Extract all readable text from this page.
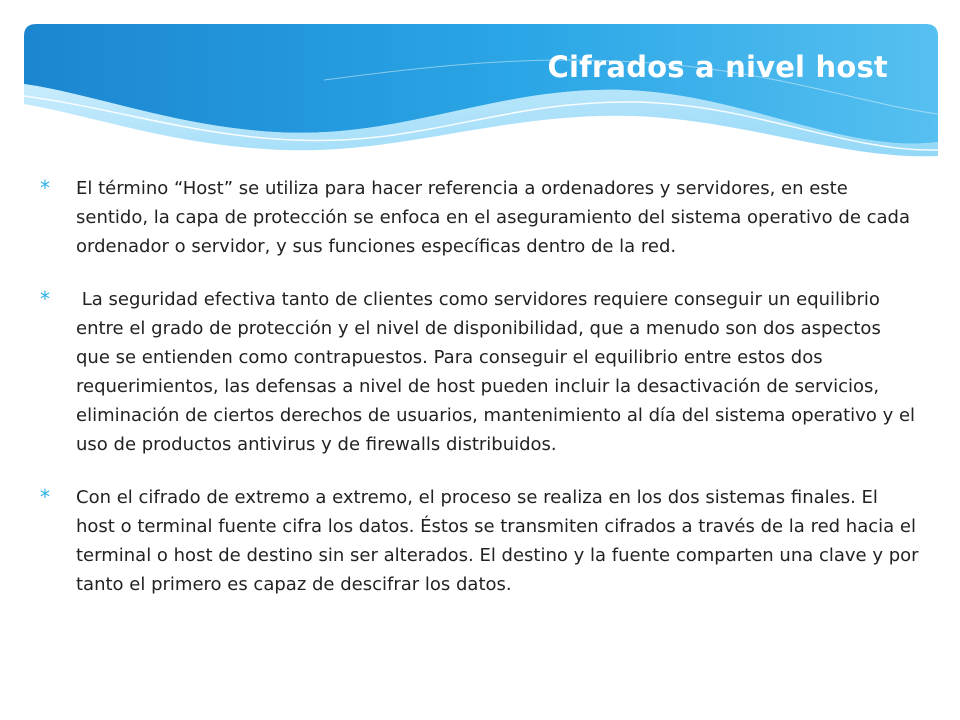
Cifrados a nivel host
* El término “Host” se utiliza para hacer referencia a ordenadores y servidores, en este sentido, la capa de protección se enfoca en el aseguramiento del sistema operativo de cada ordenador o servidor, y sus funciones específicas dentro de la red.
* La seguridad efectiva tanto de clientes como servidores requiere conseguir un equilibrio entre el grado de protección y el nivel de disponibilidad, que a menudo son dos aspectos que se entienden como contrapuestos. Para conseguir el equilibrio entre estos dos requerimientos, las defensas a nivel de host pueden incluir la desactivación de servicios, eliminación de ciertos derechos de usuarios, mantenimiento al día del sistema operativo y el uso de productos antivirus y de firewalls distribuidos.
* Con el cifrado de extremo a extremo, el proceso se realiza en los dos sistemas finales. El host o terminal fuente cifra los datos. Éstos se transmiten cifrados a través de la red hacia el terminal o host de destino sin ser alterados. El destino y la fuente comparten una clave y por tanto el primero es capaz de descifrar los datos.
